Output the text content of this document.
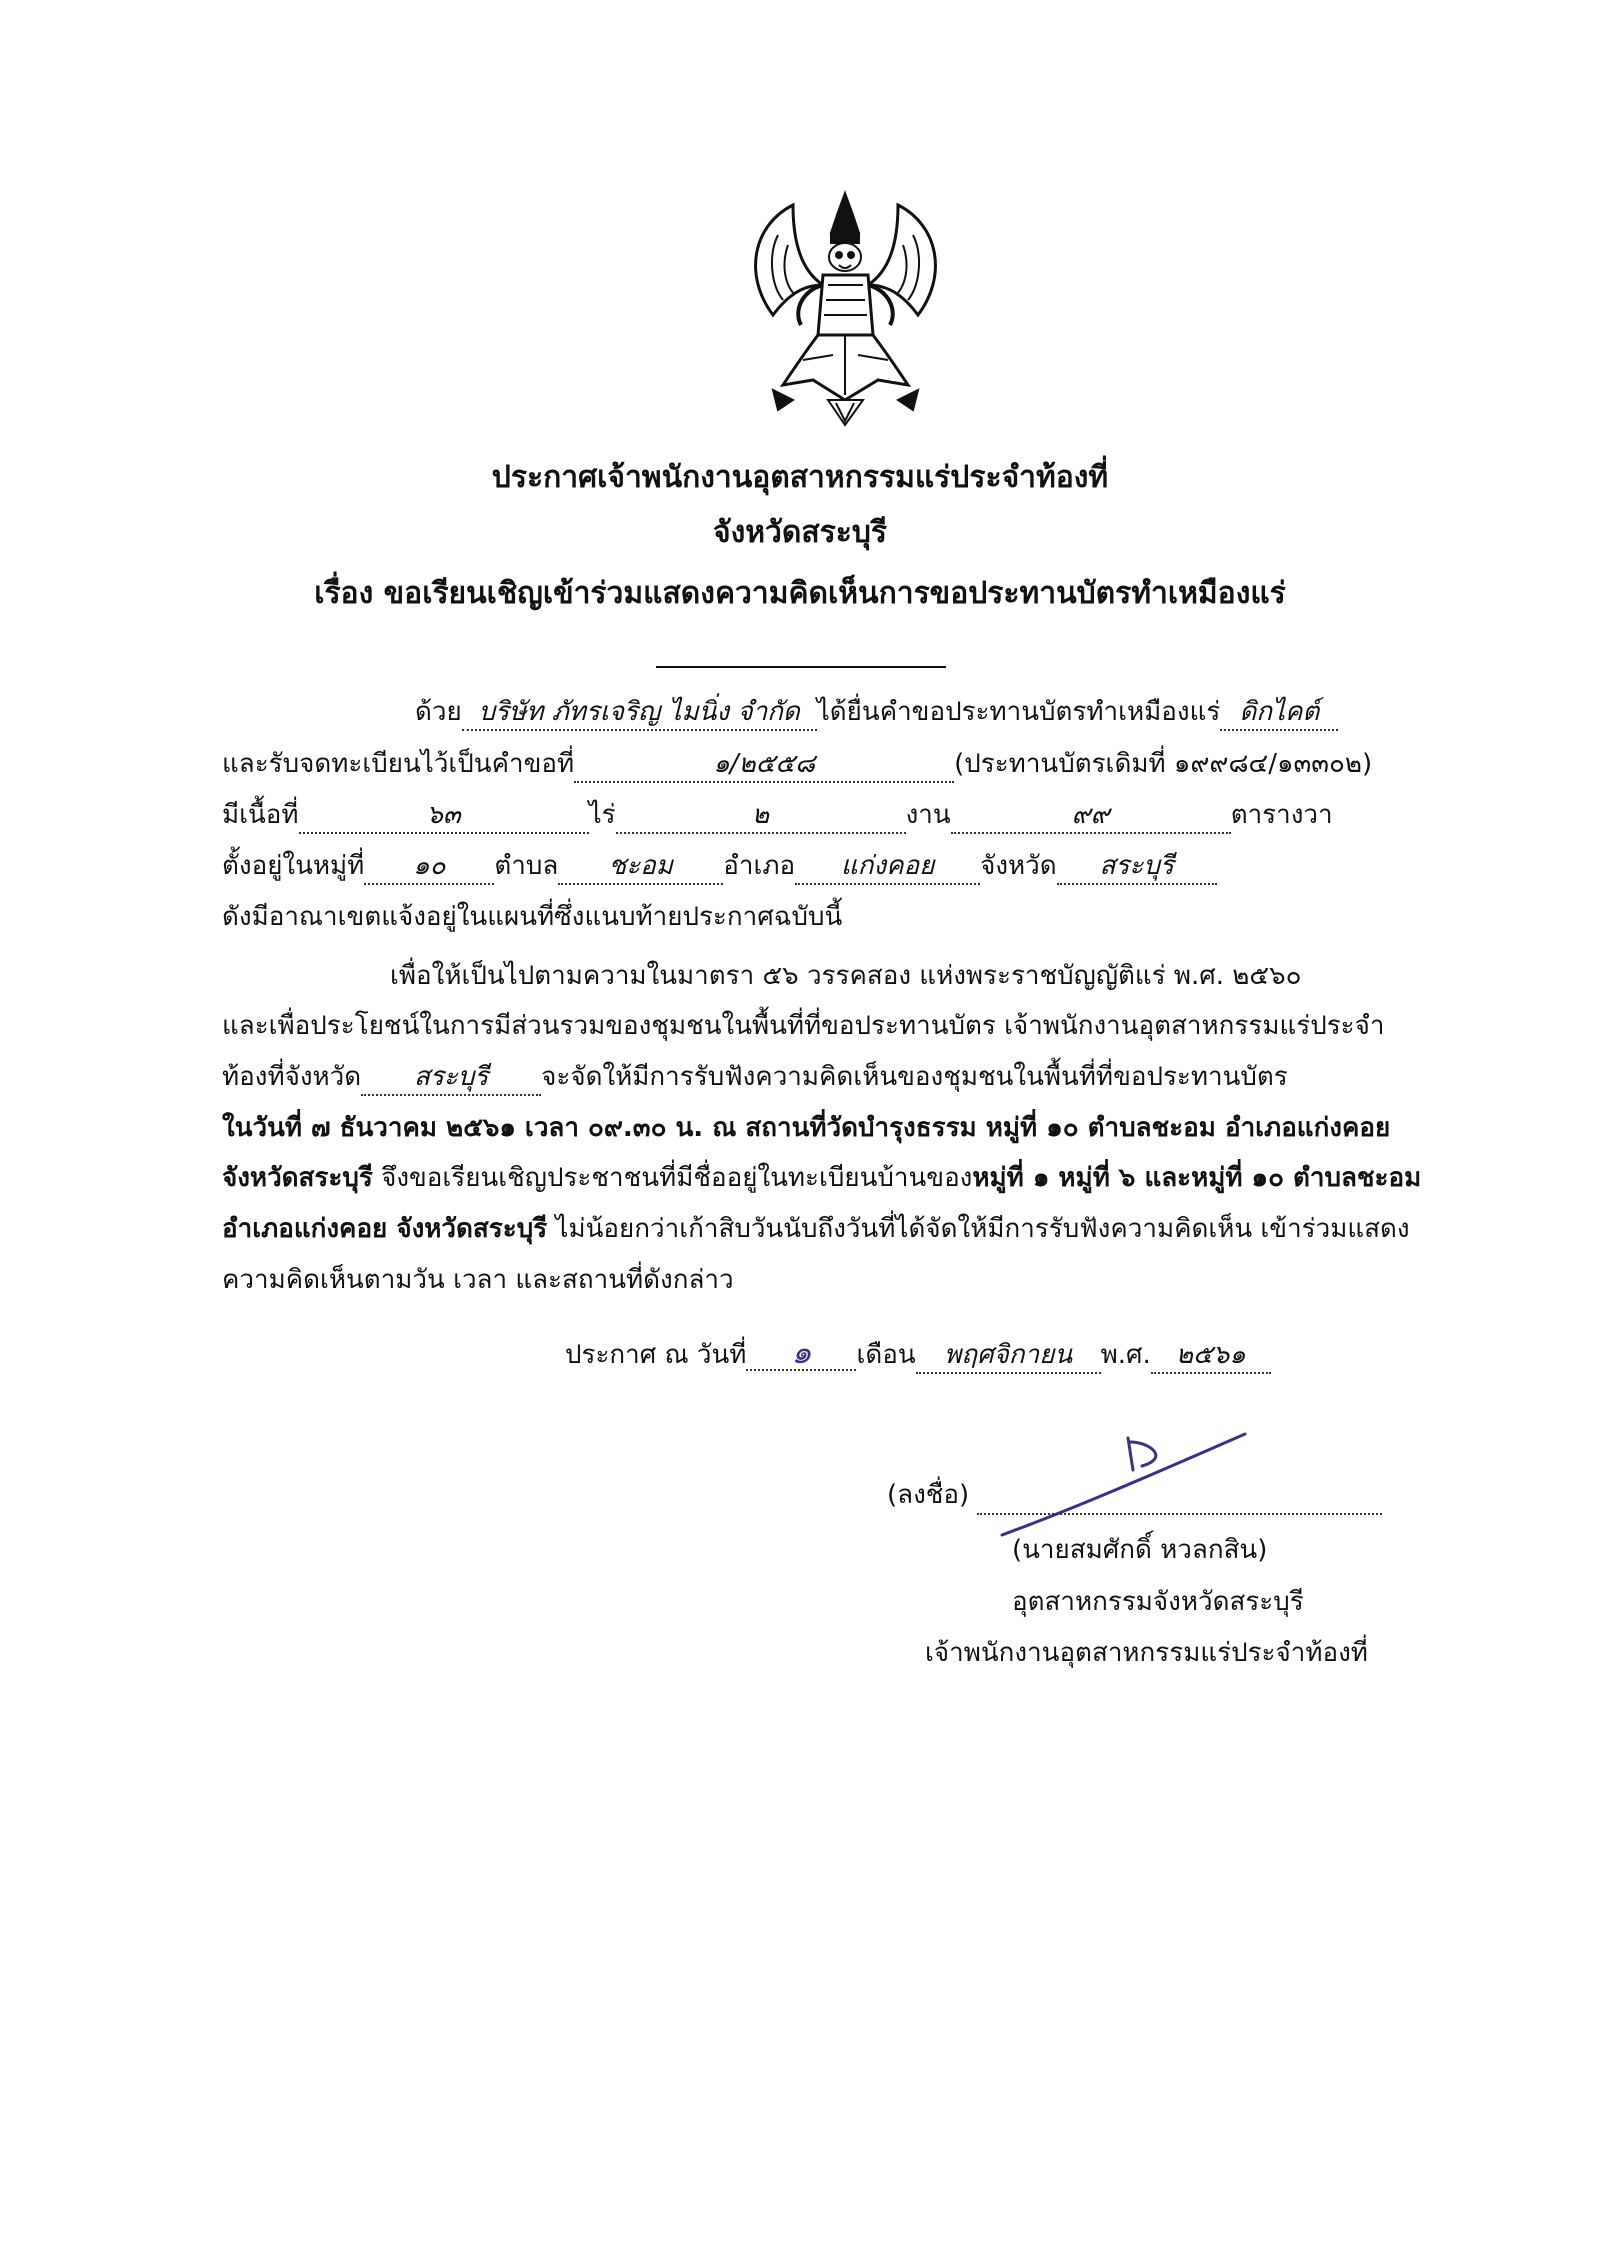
ประกาศเจ้าพนักงานอุตสาหกรรมแร่ประจำท้องที่
จังหวัดสระบุรี
เรื่อง ขอเรียนเชิญเข้าร่วมแสดงความคิดเห็นการขอประทานบัตรทำเหมืองแร่
ด้วย บริษัท ภัทรเจริญ ไมนิ่ง จำกัด ได้ยื่นคำขอประทานบัตรทำเหมืองแร่ ดิกไคต์
และรับจดทะเบียนไว้เป็นคำขอที่	๑/๒๕๕๘	(ประทานบัตรเดิมที่ ๑๙๙๘๔/๑๓๓๐๒)
มีเนื้อที่	๖๓	ไร่	๒	งาน	๙๙	ตารางวา
ตั้งอยู่ในหมู่ที่ ๑๐ ตำบล ชะอม อำเภอ แก่งคอย จังหวัด สระบุรี
ดังมีอาณาเขตแจ้งอยู่ในแผนที่ซึ่งแนบท้ายประกาศฉบับนี้
เพื่อให้เป็นไปตามความในมาตรา ๕๖ วรรคสอง แห่งพระราชบัญญัติแร่ พ.ศ. ๒๕๖๐
และเพื่อประโยชน์ในการมีส่วนรวมของชุมชนในพื้นที่ที่ขอประทานบัตร เจ้าพนักงานอุตสาหกรรมแร่ประจำ
ท้องที่จังหวัด สระบุรี จะจัดให้มีการรับฟังความคิดเห็นของชุมชนในพื้นที่ที่ขอประทานบัตร
ในวันที่ ๗ ธันวาคม ๒๕๖๑ เวลา ๐๙.๓๐ น. ณ สถานที่วัดบำรุงธรรม หมู่ที่ ๑๐ ตำบลชะอม อำเภอแก่งคอย
จังหวัดสระบุรี จึงขอเรียนเชิญประชาชนที่มีชื่ออยู่ในทะเบียนบ้านของหมู่ที่ ๑ หมู่ที่ ๖ และหมู่ที่ ๑๐ ตำบลชะอม
อำเภอแก่งคอย จังหวัดสระบุรี ไม่น้อยกว่าเก้าสิบวันนับถึงวันที่ได้จัดให้มีการรับฟังความคิดเห็น เข้าร่วมแสดง
ความคิดเห็นตามวัน เวลา และสถานที่ดังกล่าว
ประกาศ ณ วันที่ ๑ เดือน พฤศจิกายน พ.ศ. ๒๕๖๑
(ลงชื่อ)
(นายสมศักดิ์ หวลกสิน)
อุตสาหกรรมจังหวัดสระบุรี
เจ้าพนักงานอุตสาหกรรมแร่ประจำท้องที่
